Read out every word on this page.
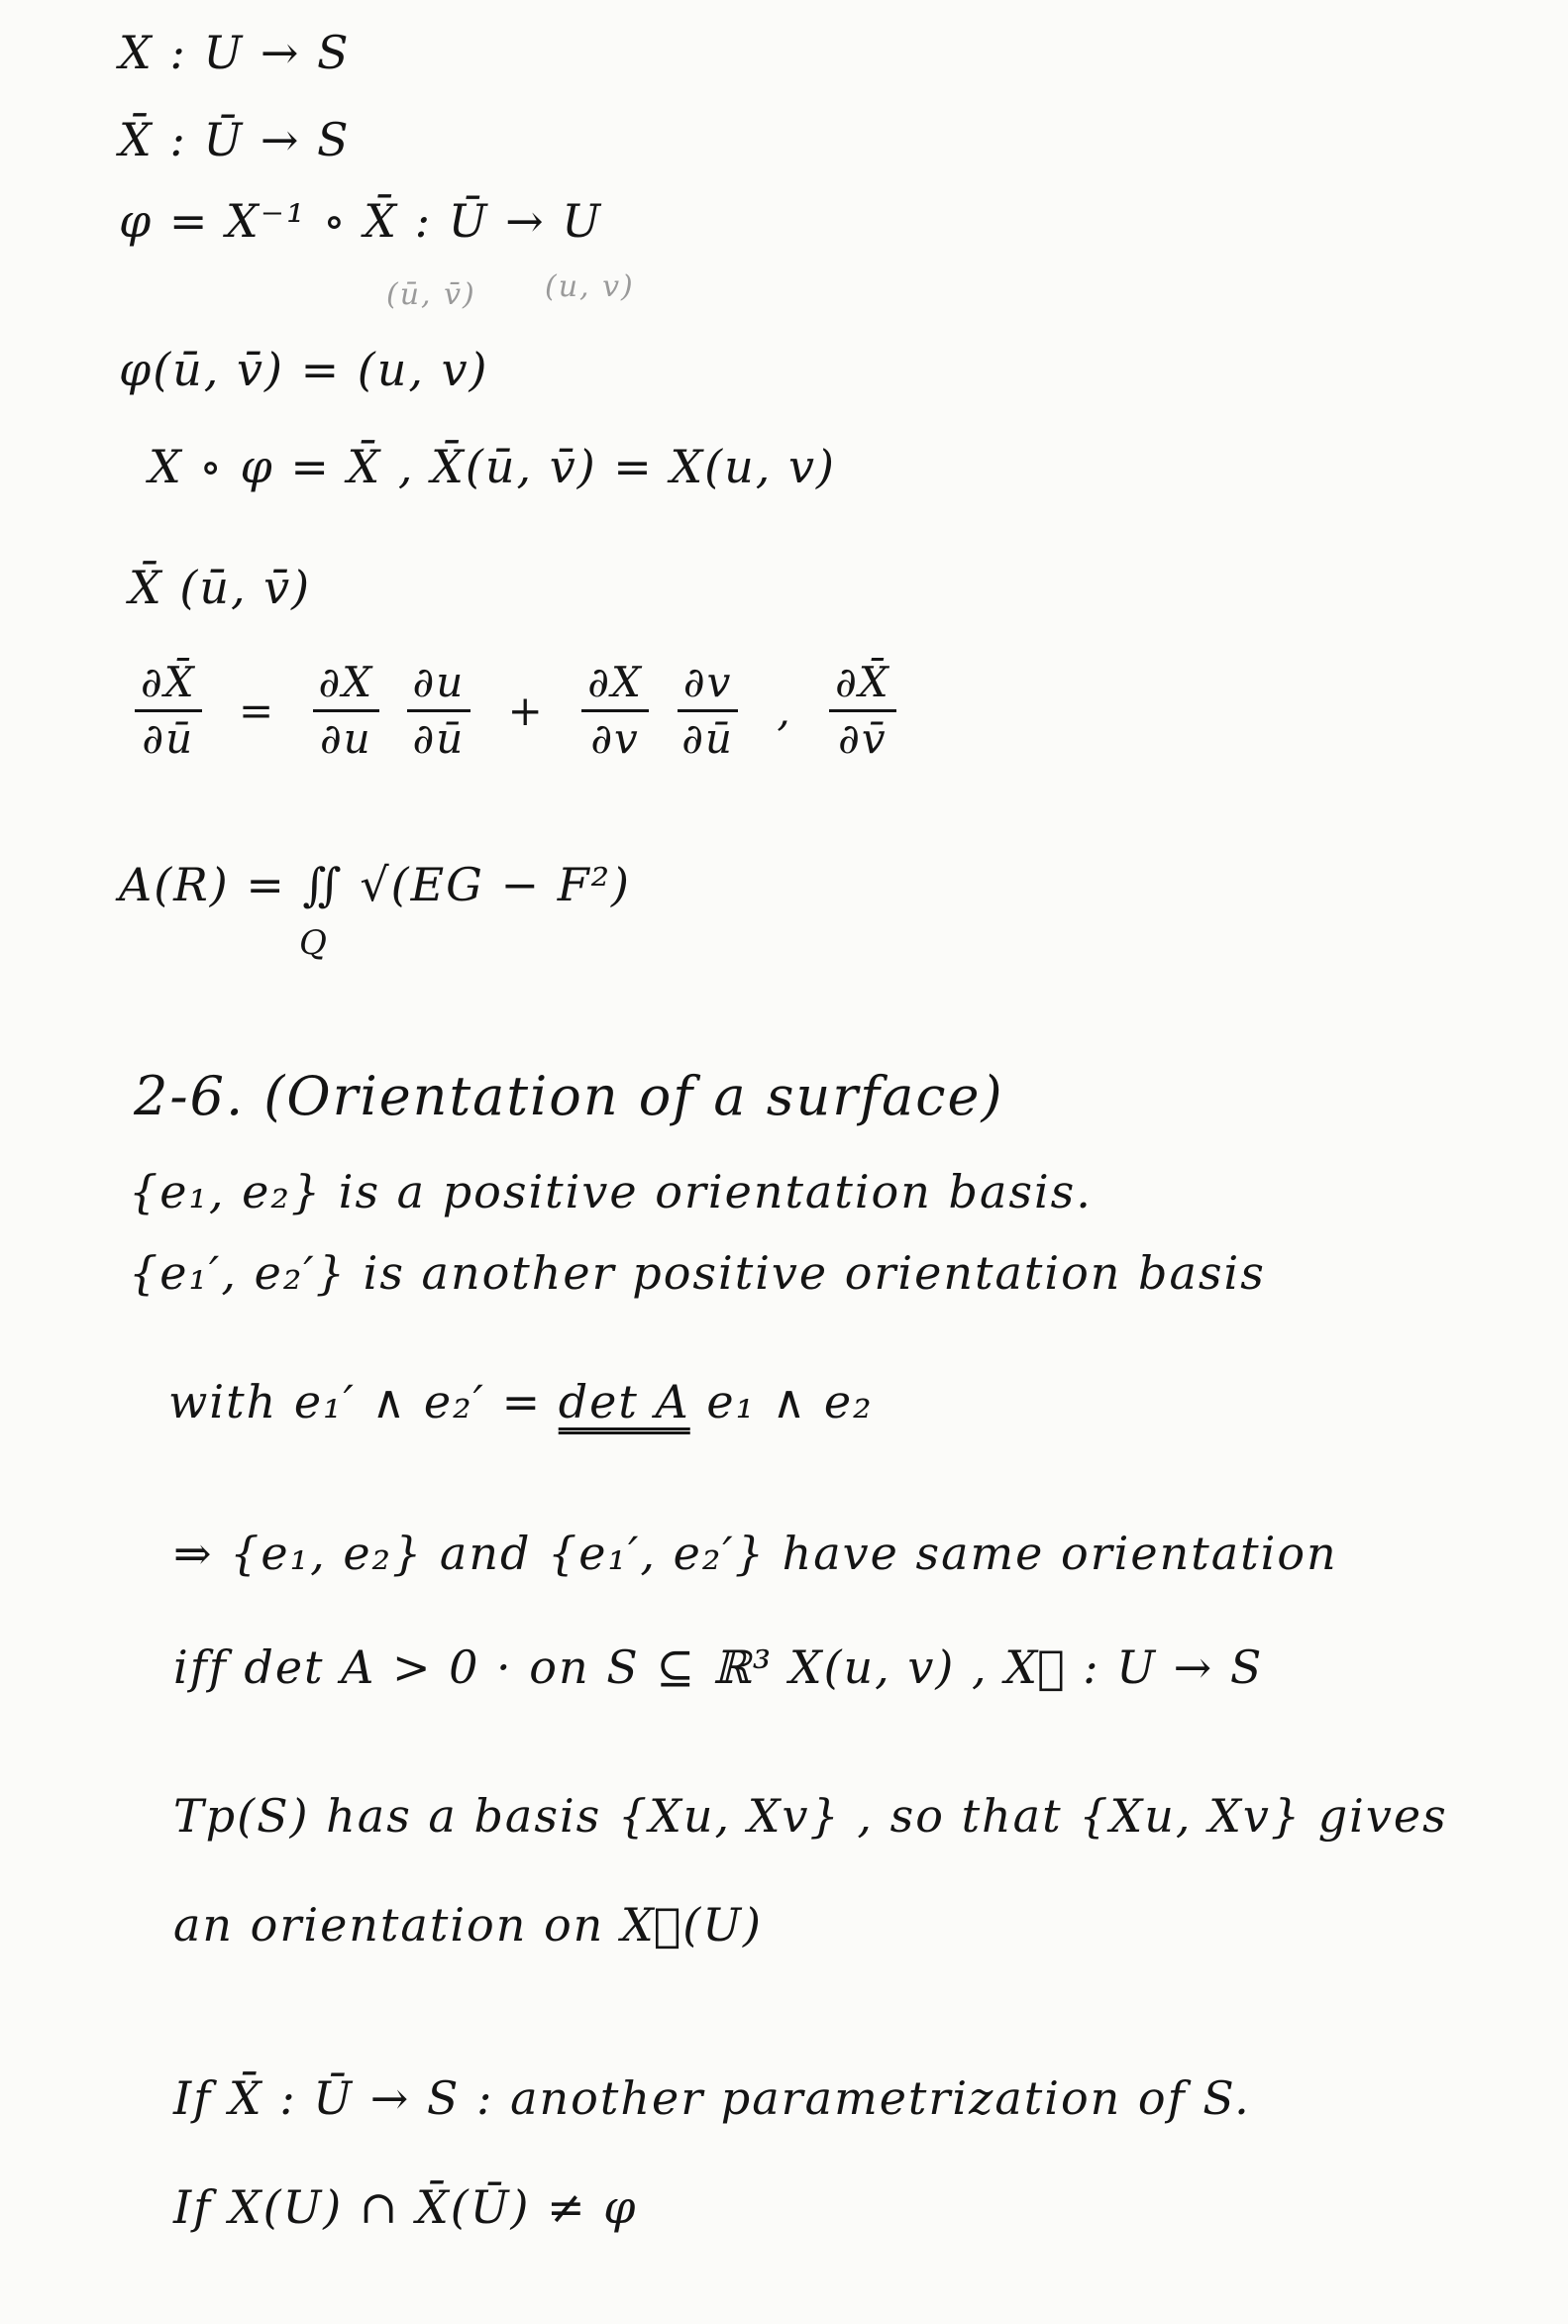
X : U → S
X̄ : Ū → S
φ = X⁻¹ ∘ X̄ : Ū → U
(ū, v̄) (u, v)
φ(ū, v̄) = (u, v)
X ∘ φ = X̄ , X̄(ū, v̄) = X(u, v)
X̄ (ū, v̄)
$\frac{\partial X̄}{\partial ū} = \frac{\partial X}{\partial u}$
$\frac{\partial u}{\partial ū} + \frac{\partial X}{\partial v}$
$\frac{\partial v}{\partial ū}$ , $\frac{\partial X̄}{\partial v̄}$
A(R) = ∬ √(EG − F²)
Q
2-6. (Orientation of a surface)
{e₁, e₂} is a positive orientation basis.
{e₁′, e₂′} is another positive orientation basis
with e₁′ ∧ e₂′ = det A e₁ ∧ e₂
⇒ {e₁, e₂} and {e₁′, e₂′} have same orientation
iff det A > 0 · on S ⊆ ℝ³ X(u, v) , X⃗ : U → S
Tp(S) has a basis {Xu, Xv} , so that {Xu, Xv} gives
an orientation on X⃗(U)
If X̄ : Ū → S : another parametrization of S.
If X(U) ∩ X̄(Ū) ≠ φ
